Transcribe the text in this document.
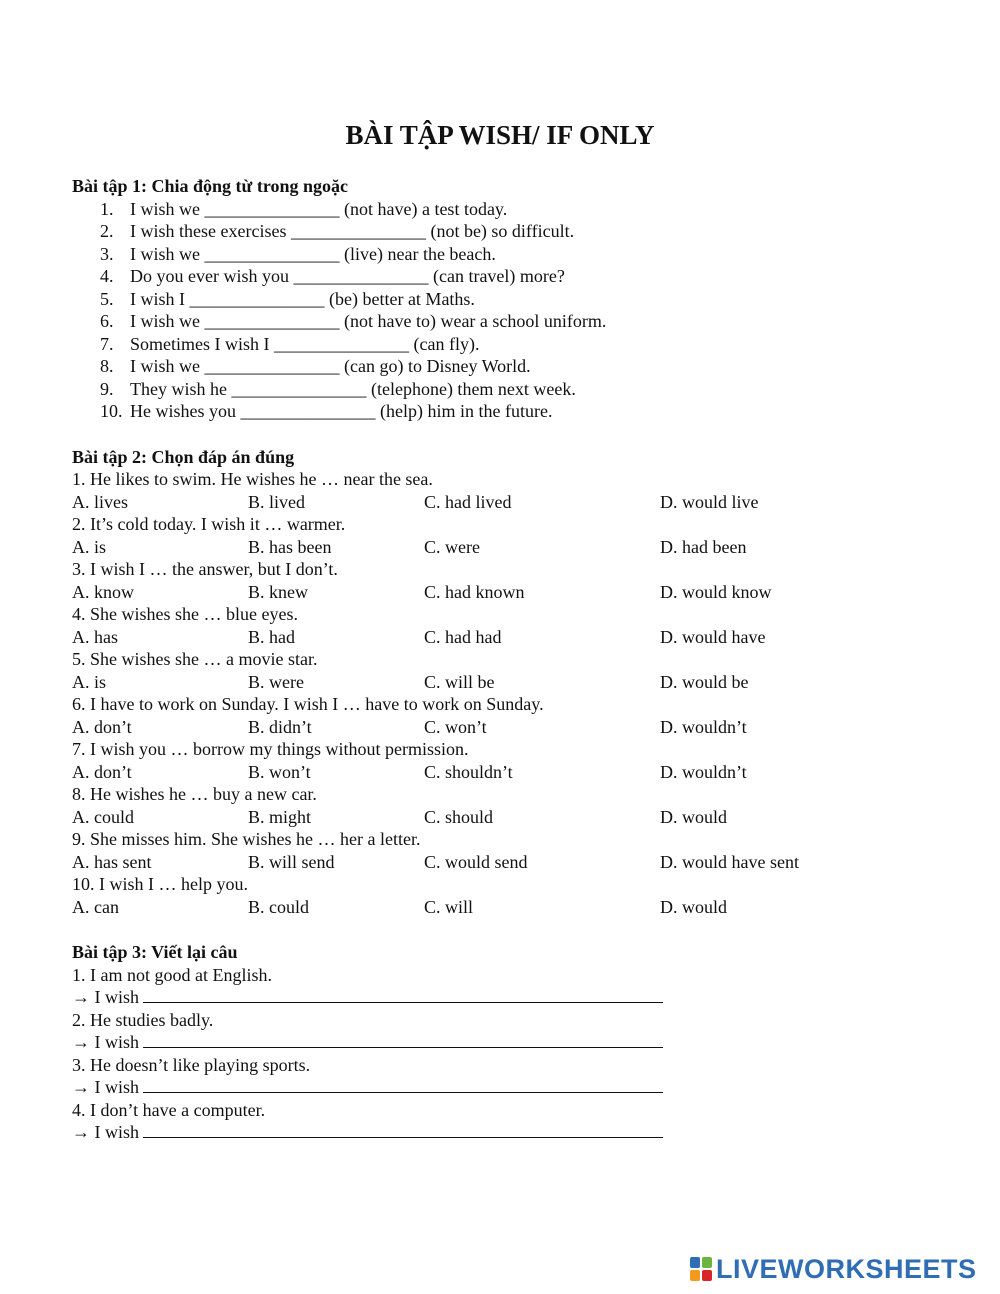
BÀI TẬP WISH/ IF ONLY
Bài tập 1: Chia động từ trong ngoặc
1. I wish we _______________ (not have) a test today.
2. I wish these exercises _______________ (not be) so difficult.
3. I wish we _______________ (live) near the beach.
4. Do you ever wish you _______________ (can travel) more?
5. I wish I _______________ (be) better at Maths.
6. I wish we _______________ (not have to) wear a school uniform.
7. Sometimes I wish I _______________ (can fly).
8. I wish we _______________ (can go) to Disney World.
9. They wish he _______________ (telephone) them next week.
10. He wishes you _______________ (help) him in the future.
Bài tập 2: Chọn đáp án đúng
1. He likes to swim. He wishes he … near the sea.
A. lives	B. lived	C. had lived	D. would live
2. It’s cold today. I wish it … warmer.
A. is	B. has been	C. were	D. had been
3. I wish I … the answer, but I don’t.
A. know	B. knew	C. had known	D. would know
4. She wishes she … blue eyes.
A. has	B. had	C. had had	D. would have
5. She wishes she … a movie star.
A. is	B. were	C. will be	D. would be
6. I have to work on Sunday. I wish I … have to work on Sunday.
A. don’t	B. didn’t	C. won’t	D. wouldn’t
7. I wish you … borrow my things without permission.
A. don’t	B. won’t	C. shouldn’t	D. wouldn’t
8. He wishes he … buy a new car.
A. could	B. might	C. should	D. would
9. She misses him. She wishes he … her a letter.
A. has sent	B. will send	C. would send	D. would have sent
10. I wish I … help you.
A. can	B. could	C. will	D. would
Bài tập 3: Viết lại câu
1. I am not good at English.
→ I wish
2. He studies badly.
→ I wish
3. He doesn’t like playing sports.
→ I wish
4. I don’t have a computer.
→ I wish
LIVEWORKSHEETS
